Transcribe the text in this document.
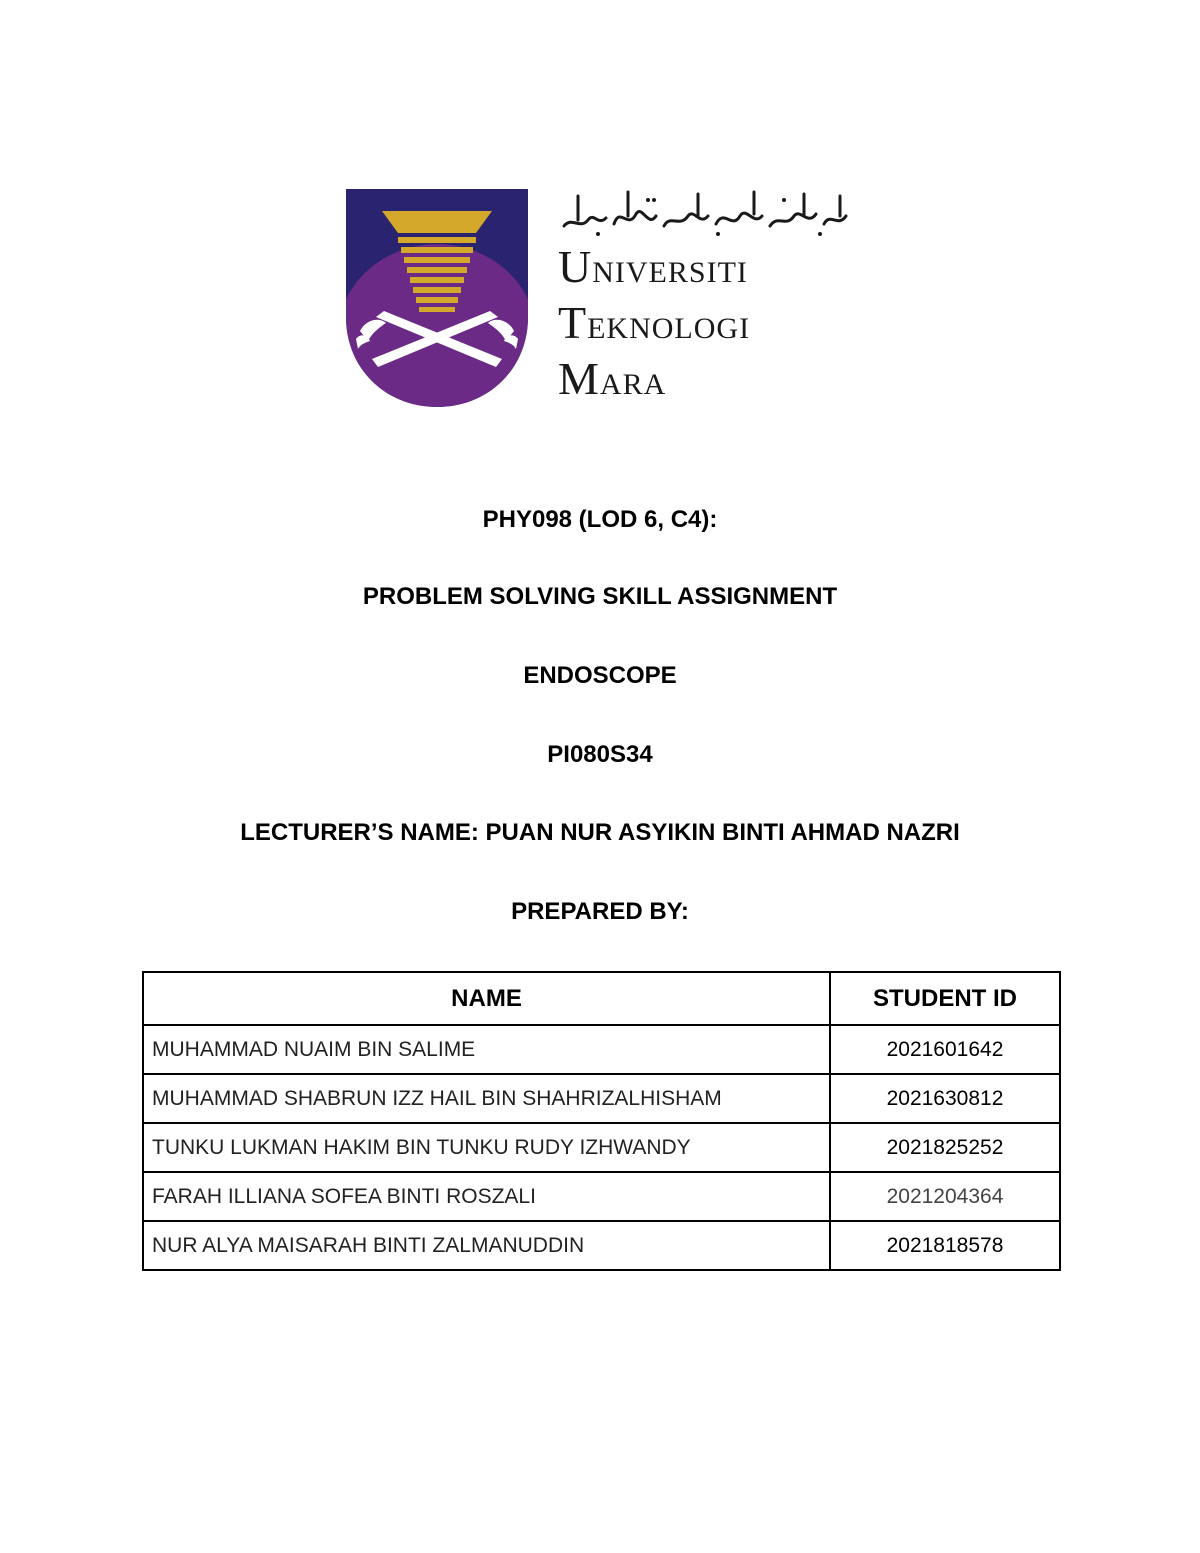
UNIVERSITI
TEKNOLOGI
MARA
PHY098 (LOD 6, C4):
PROBLEM SOLVING SKILL ASSIGNMENT
ENDOSCOPE
PI080S34
LECTURER’S NAME: PUAN NUR ASYIKIN BINTI AHMAD NAZRI
PREPARED BY:
NAME	STUDENT ID
MUHAMMAD NUAIM BIN SALIME	2021601642
MUHAMMAD SHABRUN IZZ HAIL BIN SHAHRIZALHISHAM	2021630812
TUNKU LUKMAN HAKIM BIN TUNKU RUDY IZHWANDY	2021825252
FARAH ILLIANA SOFEA BINTI ROSZALI	2021204364
NUR ALYA MAISARAH BINTI ZALMANUDDIN	2021818578
